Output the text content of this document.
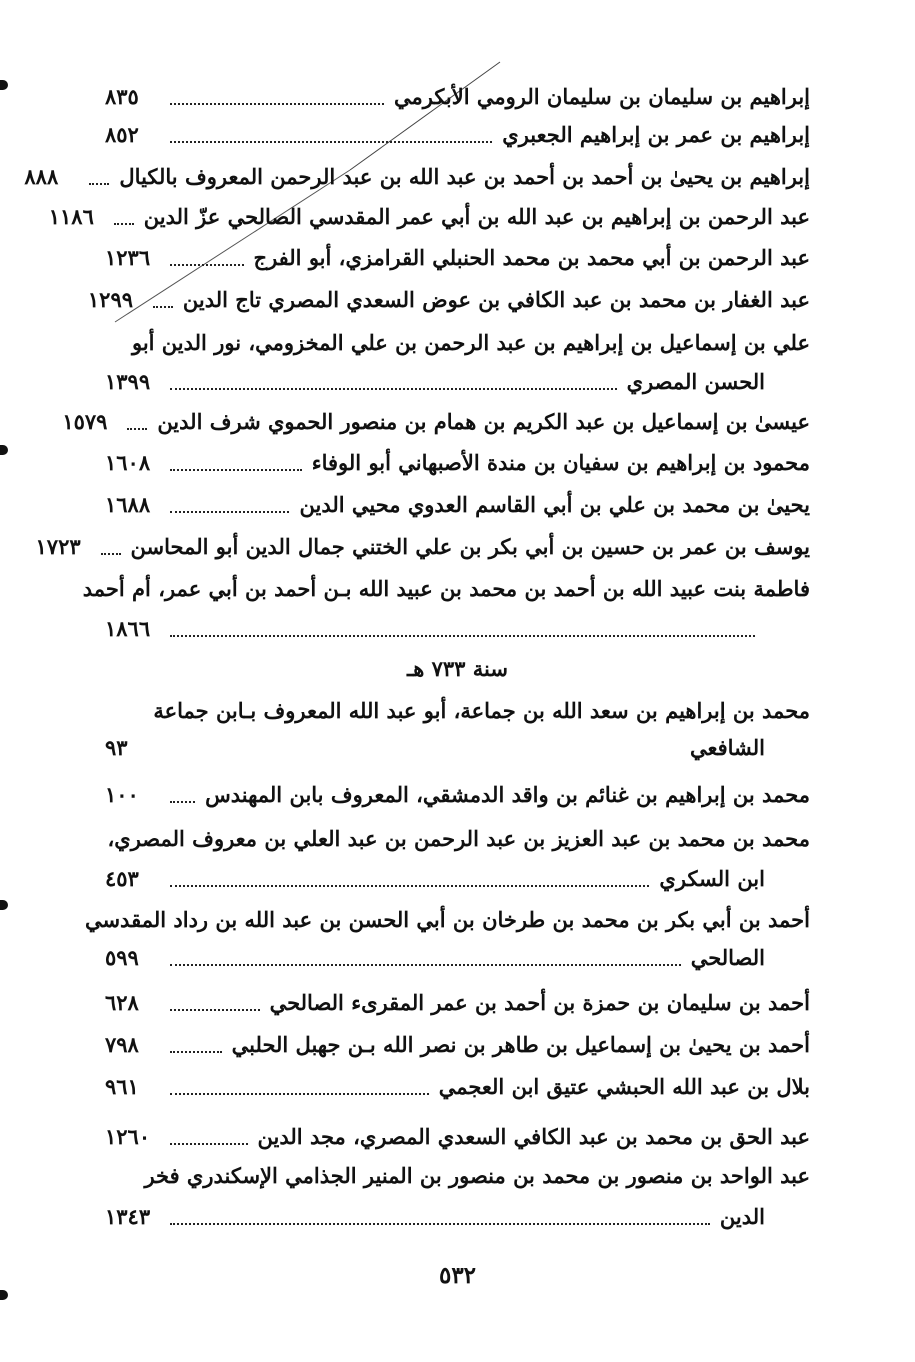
إبراهيم بن سليمان بن سليمان الرومي الأبكرمي
٨٣٥
إبراهيم بن عمر بن إبراهيم الجعبري
٨٥٢
إبراهيم بن يحيىٰ بن أحمد بن أحمد بن عبد الله بن عبد الرحمن المعروف بالكيال
٨٨٨
عبد الرحمن بن إبراهيم بن عبد الله بن أبي عمر المقدسي الصالحي عزّ الدين
١١٨٦
عبد الرحمن بن أبي محمد بن محمد الحنبلي القرامزي، أبو الفرج
١٢٣٦
عبد الغفار بن محمد بن عبد الكافي بن عوض السعدي المصري تاج الدين
١٢٩٩
علي بن إسماعيل بن إبراهيم بن عبد الرحمن بن علي المخزومي، نور الدين أبو
الحسن المصري
١٣٩٩
عيسىٰ بن إسماعيل بن عبد الكريم بن همام بن منصور الحموي شرف الدين
١٥٧٩
محمود بن إبراهيم بن سفيان بن مندة الأصبهاني أبو الوفاء
١٦٠٨
يحيىٰ بن محمد بن علي بن أبي القاسم العدوي محيي الدين
١٦٨٨
يوسف بن عمر بن حسين بن أبي بكر بن علي الختني جمال الدين أبو المحاسن
١٧٢٣
فاطمة بنت عبيد الله بن أحمد بن محمد بن عبيد الله بـن أحمد بن أبي عمر، أم أحمد
١٨٦٦
سنة ٧٣٣ هـ
محمد بن إبراهيم بن سعد الله بن جماعة، أبو عبد الله المعروف بـابن جماعة
الشافعي
٩٣
محمد بن إبراهيم بن غنائم بن واقد الدمشقي، المعروف بابن المهندس
١٠٠
محمد بن محمد بن عبد العزيز بن عبد الرحمن بن عبد العلي بن معروف المصري،
ابن السكري
٤٥٣
أحمد بن أبي بكر بن محمد بن طرخان بن أبي الحسن بن عبد الله بن رداد المقدسي
الصالحي
٥٩٩
أحمد بن سليمان بن حمزة بن أحمد بن عمر المقرىء الصالحي
٦٢٨
أحمد بن يحيىٰ بن إسماعيل بن طاهر بن نصر الله بـن جهبل الحلبي
٧٩٨
بلال بن عبد الله الحبشي عتيق ابن العجمي
٩٦١
عبد الحق بن محمد بن عبد الكافي السعدي المصري، مجد الدين
١٢٦٠
عبد الواحد بن منصور بن محمد بن منصور بن المنير الجذامي الإسكندري فخر
الدين
١٣٤٣
٥٣٢
